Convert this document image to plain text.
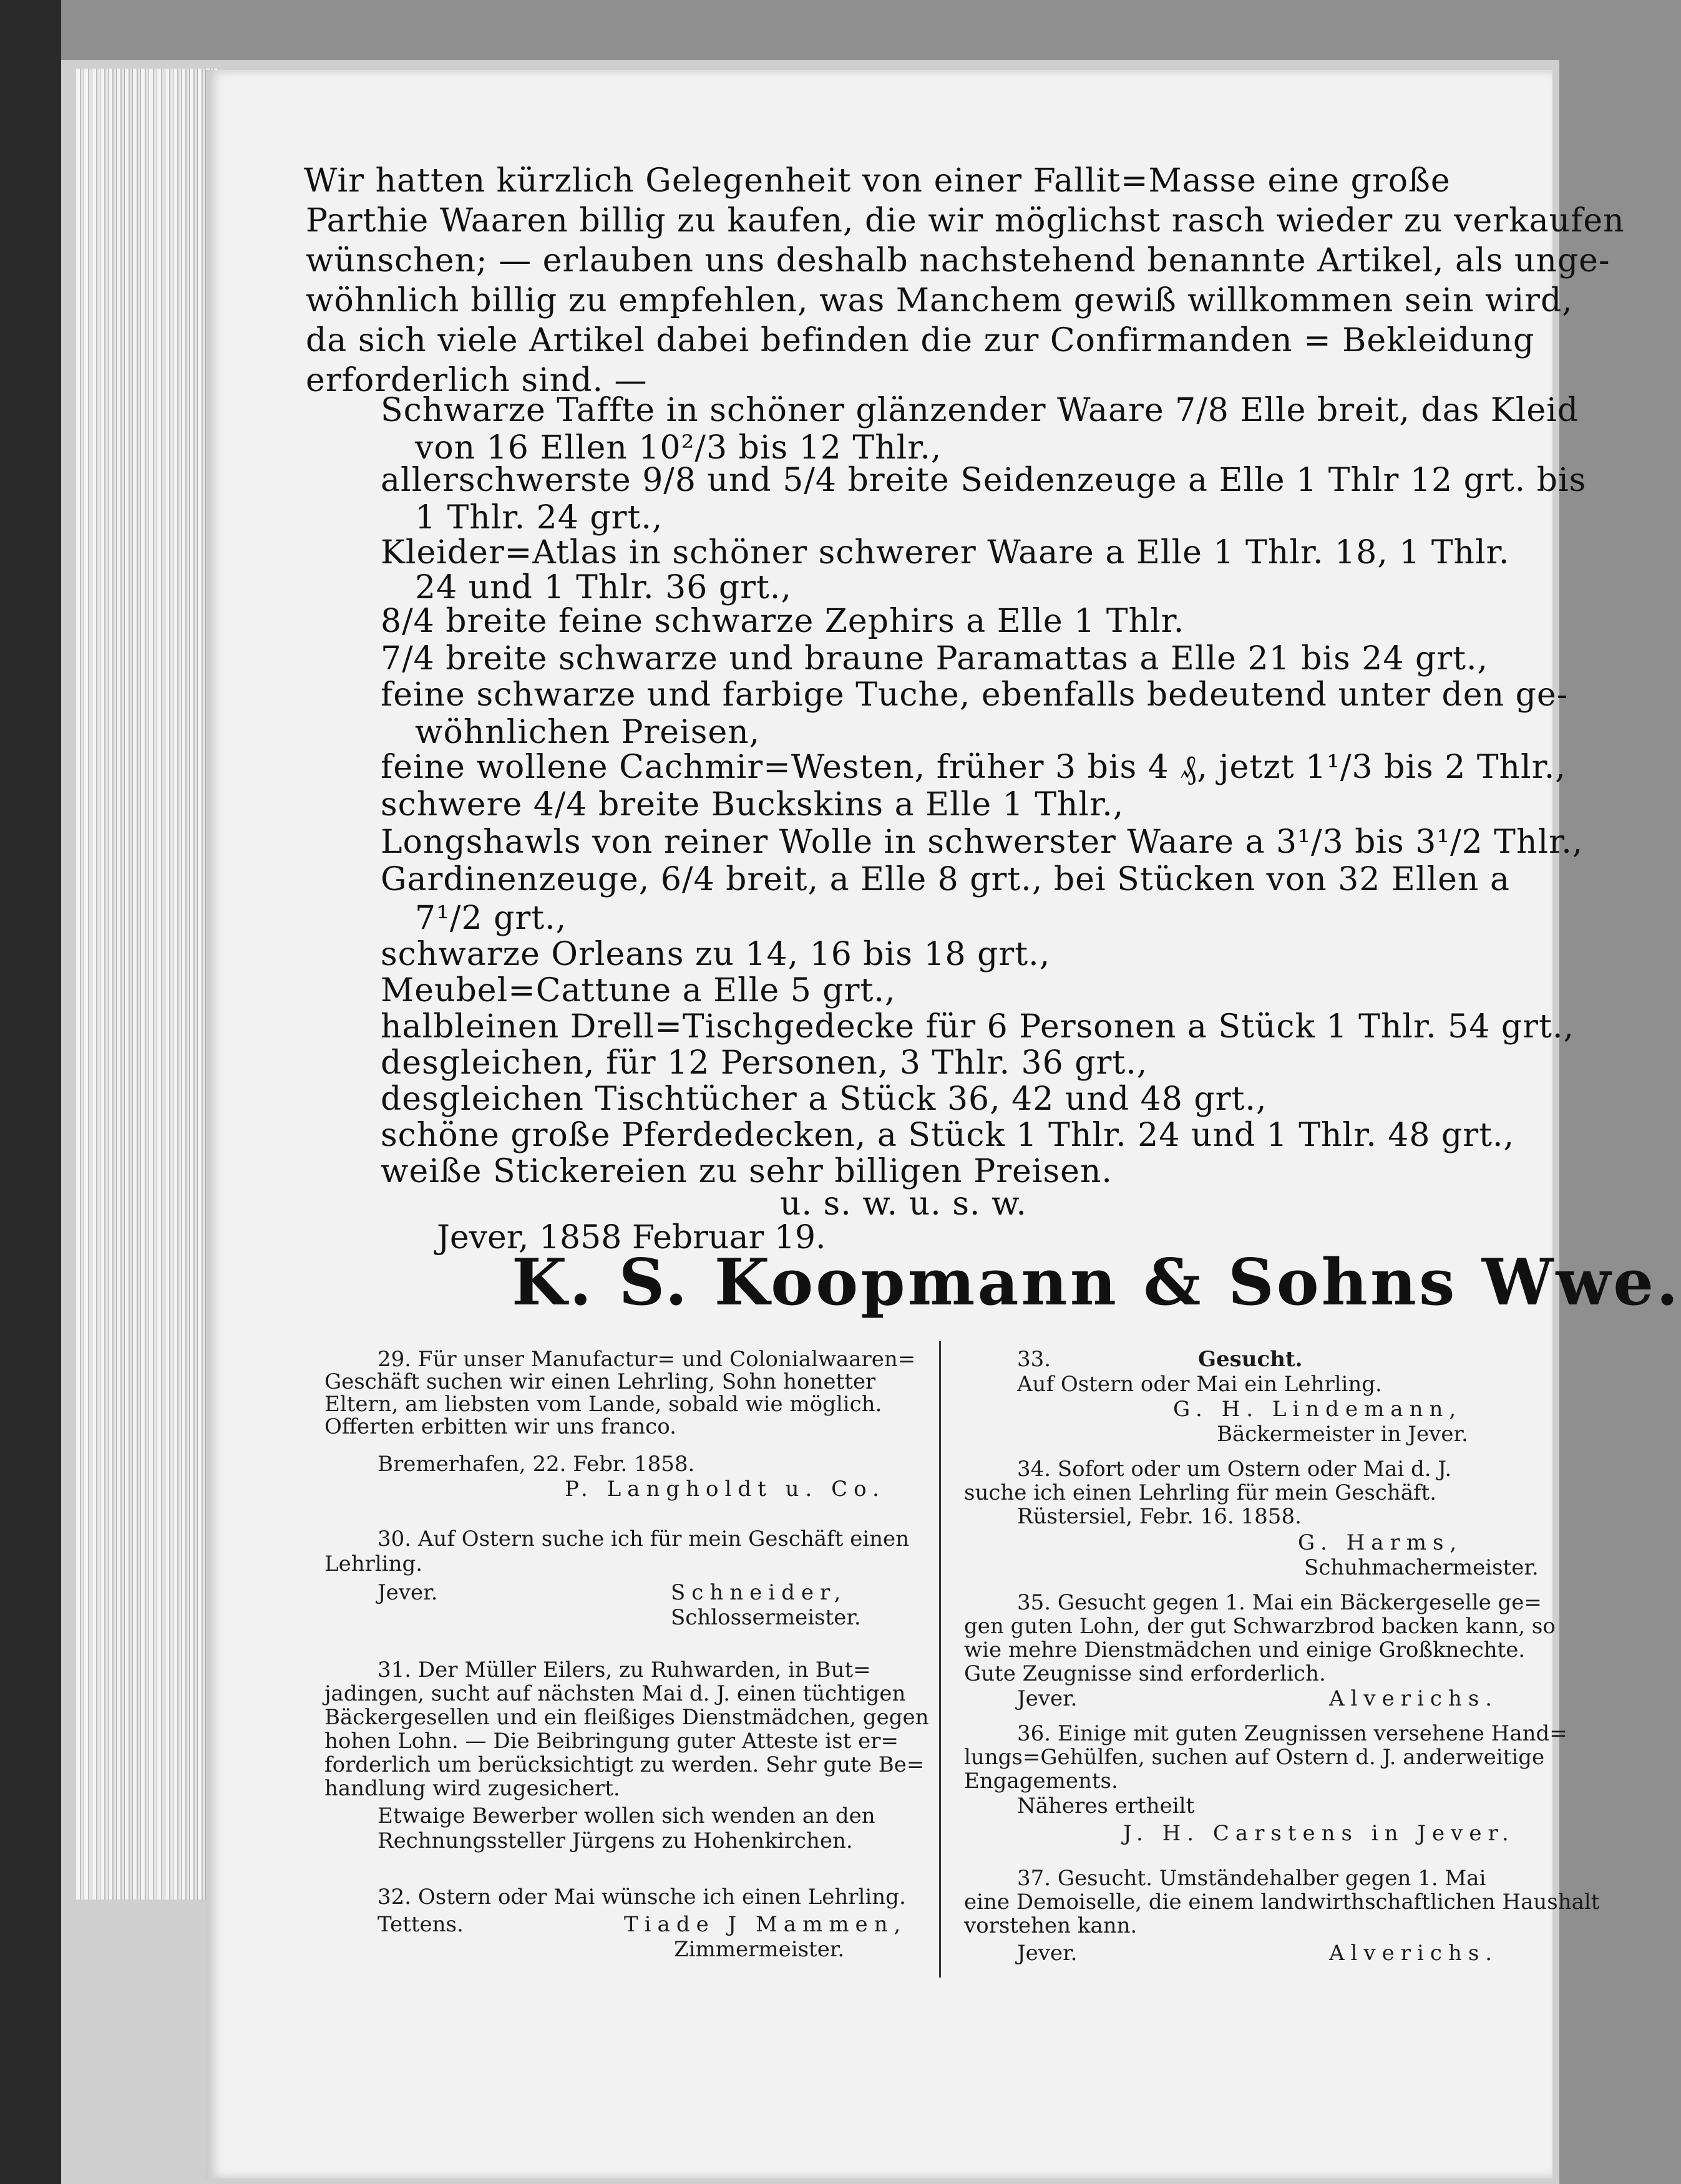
Wir hatten kürzlich Gelegenheit von einer Fallit=Masse eine große
Parthie Waaren billig zu kaufen, die wir möglichst rasch wieder zu verkaufen
wünschen; — erlauben uns deshalb nachstehend benannte Artikel, als unge-
wöhnlich billig zu empfehlen, was Manchem gewiß willkommen sein wird,
da sich viele Artikel dabei befinden die zur Confirmanden = Bekleidung
erforderlich sind. —
Schwarze Taffte in schöner glänzender Waare 7/8 Elle breit, das Kleid
von 16 Ellen 10²/3 bis 12 Thlr.,
allerschwerste 9/8 und 5/4 breite Seidenzeuge a Elle 1 Thlr 12 grt. bis
1 Thlr. 24 grt.,
Kleider=Atlas in schöner schwerer Waare a Elle 1 Thlr. 18, 1 Thlr.
24 und 1 Thlr. 36 grt.,
8/4 breite feine schwarze Zephirs a Elle 1 Thlr.
7/4 breite schwarze und braune Paramattas a Elle 21 bis 24 grt.,
feine schwarze und farbige Tuche, ebenfalls bedeutend unter den ge-
wöhnlichen Preisen,
feine wollene Cachmir=Westen, früher 3 bis 4 ₰, jetzt 1¹/3 bis 2 Thlr.,
schwere 4/4 breite Buckskins a Elle 1 Thlr.,
Longshawls von reiner Wolle in schwerster Waare a 3¹/3 bis 3¹/2 Thlr.,
Gardinenzeuge, 6/4 breit, a Elle 8 grt., bei Stücken von 32 Ellen a
7¹/2 grt.,
schwarze Orleans zu 14, 16 bis 18 grt.,
Meubel=Cattune a Elle 5 grt.,
halbleinen Drell=Tischgedecke für 6 Personen a Stück 1 Thlr. 54 grt.,
desgleichen, für 12 Personen, 3 Thlr. 36 grt.,
desgleichen Tischtücher a Stück 36, 42 und 48 grt.,
schöne große Pferdedecken, a Stück 1 Thlr. 24 und 1 Thlr. 48 grt.,
weiße Stickereien zu sehr billigen Preisen.
u. s. w. u. s. w.
Jever, 1858 Februar 19.
K. S. Koopmann & Sohns Wwe.
29. Für unser Manufactur= und Colonialwaaren=
Geschäft suchen wir einen Lehrling, Sohn honetter
Eltern, am liebsten vom Lande, sobald wie möglich.
Offerten erbitten wir uns franco.
Bremerhafen, 22. Febr. 1858.
P. Langholdt u. Co.
30. Auf Ostern suche ich für mein Geschäft einen
Lehrling.
Jever.	Schneider,
Schlossermeister.
31. Der Müller Eilers, zu Ruhwarden, in But=
jadingen, sucht auf nächsten Mai d. J. einen tüchtigen
Bäckergesellen und ein fleißiges Dienstmädchen, gegen
hohen Lohn. — Die Beibringung guter Atteste ist er=
forderlich um berücksichtigt zu werden. Sehr gute Be=
handlung wird zugesichert.
Etwaige Bewerber wollen sich wenden an den
Rechnungssteller Jürgens zu Hohenkirchen.
32. Ostern oder Mai wünsche ich einen Lehrling.
Tettens.	Tiade J Mammen,
Zimmermeister.
33.	Gesucht.
Auf Ostern oder Mai ein Lehrling.
G. H. Lindemann,
Bäckermeister in Jever.
34. Sofort oder um Ostern oder Mai d. J.
suche ich einen Lehrling für mein Geschäft.
Rüstersiel, Febr. 16. 1858.
G. Harms,
Schuhmachermeister.
35. Gesucht gegen 1. Mai ein Bäckergeselle ge=
gen guten Lohn, der gut Schwarzbrod backen kann, so
wie mehre Dienstmädchen und einige Großknechte.
Gute Zeugnisse sind erforderlich.
Jever.	Alverichs.
36. Einige mit guten Zeugnissen versehene Hand=
lungs=Gehülfen, suchen auf Ostern d. J. anderweitige
Engagements.
Näheres ertheilt
J. H. Carstens in Jever.
37. Gesucht. Umständehalber gegen 1. Mai
eine Demoiselle, die einem landwirthschaftlichen Haushalt
vorstehen kann.
Jever.	Alverichs.
